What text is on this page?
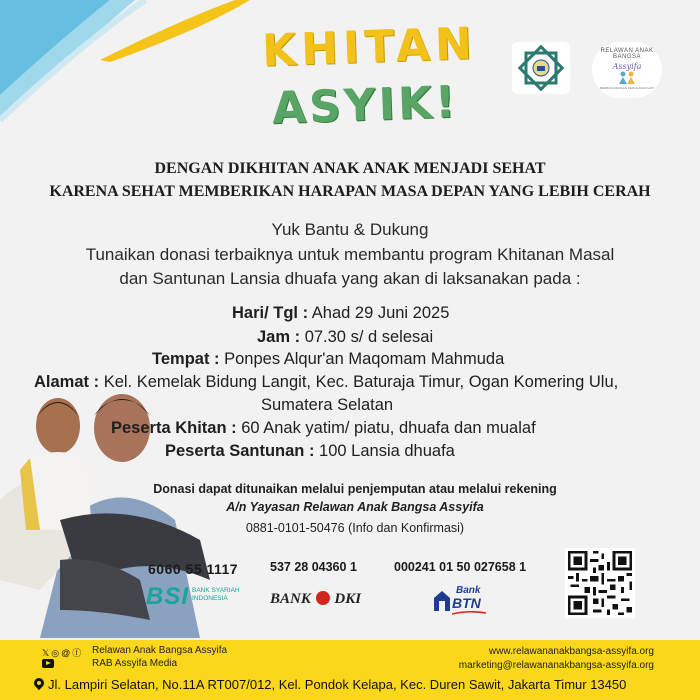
KHITAN
ASYIK!
RELAWAN ANAK BANGSA
Assyifa
BERBAGI DENGAN KEIKHLASAN HATI
DENGAN DIKHITAN ANAK ANAK MENJADI SEHAT
KARENA SEHAT MEMBERIKAN HARAPAN MASA DEPAN YANG LEBIH CERAH
Yuk Bantu & Dukung
Tunaikan donasi terbaiknya untuk membantu program Khitanan Masal
dan Santunan Lansia dhuafa yang akan di laksanakan pada :
Hari/ Tgl : Ahad 29 Juni 2025
Jam : 07.30 s/ d selesai
Tempat : Ponpes Alqur'an Maqomam Mahmuda
Alamat : Kel. Kemelak Bidung Langit, Kec. Baturaja Timur, Ogan Komering Ulu,
Sumatera Selatan
Peserta Khitan : 60 Anak yatim/ piatu, dhuafa dan mualaf
Peserta Santunan : 100 Lansia dhuafa
Donasi dapat ditunaikan melalui penjemputan atau melalui rekening
A/n Yayasan Relawan Anak Bangsa Assyifa
0881-0101-50476 (Info dan Konfirmasi)
6060 55 1117	537 28 04360 1	000241 01 50 027658 1
BSI BANK SYARIAH INDONESIA	BANK DKI
Bank
BTN
𝕏◎@ⓕ Relawan Anak Bangsa Assyifa
RAB Assyifa Media
www.relawananakbangsa-assyifa.org
marketing@relawananakbangsa-assyifa.org
Jl. Lampiri Selatan, No.11A RT007/012, Kel. Pondok Kelapa, Kec. Duren Sawit, Jakarta Timur 13450
